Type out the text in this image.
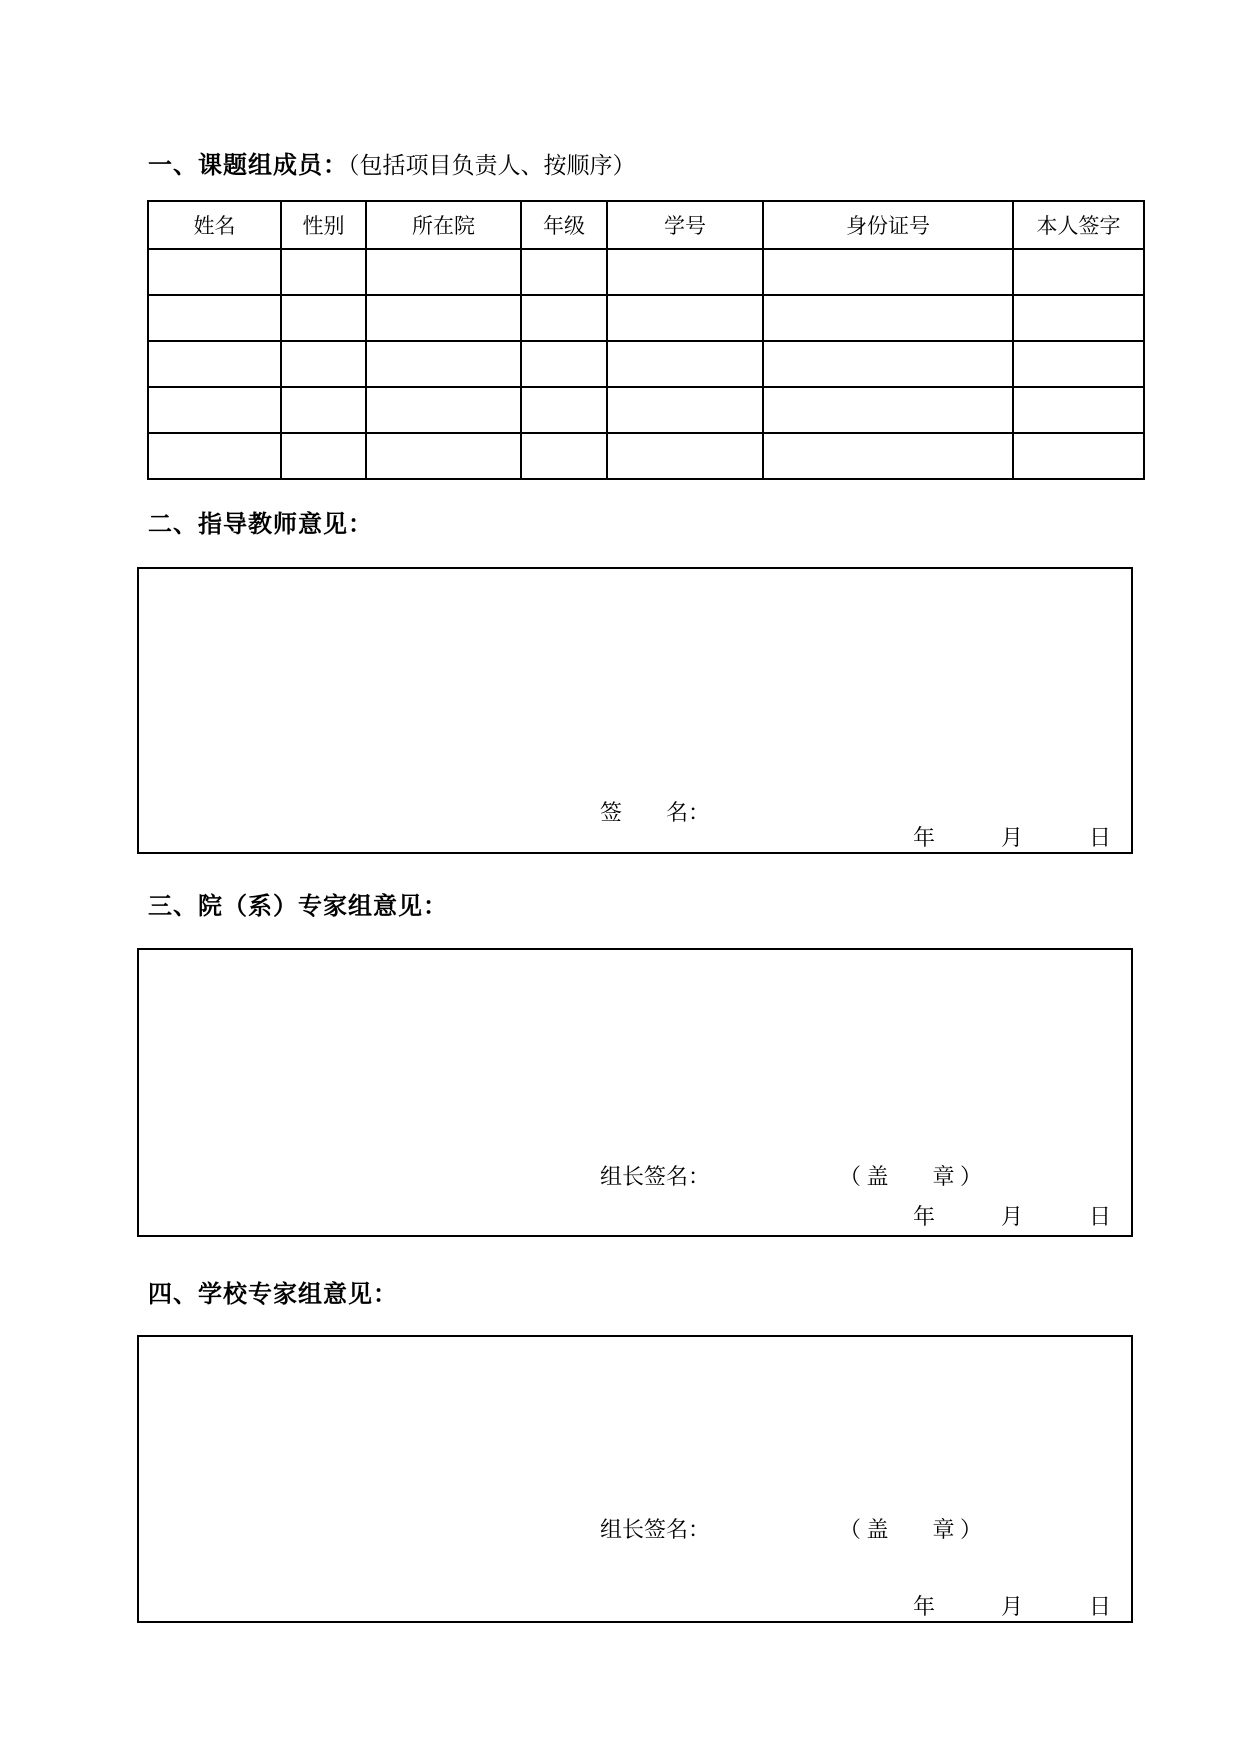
一、课题组成员：（包括项目负责人、按顺序）
姓名	性别	所在院	年级	学号	身份证号	本人签字

二、指导教师意见：
签　　名：
年　　　月　　　日
三、院（系）专家组意见：
组长签名：	（ 盖　　章 ）
年　　　月　　　日
四、学校专家组意见：
组长签名：	（ 盖　　章 ）
年　　　月　　　日
